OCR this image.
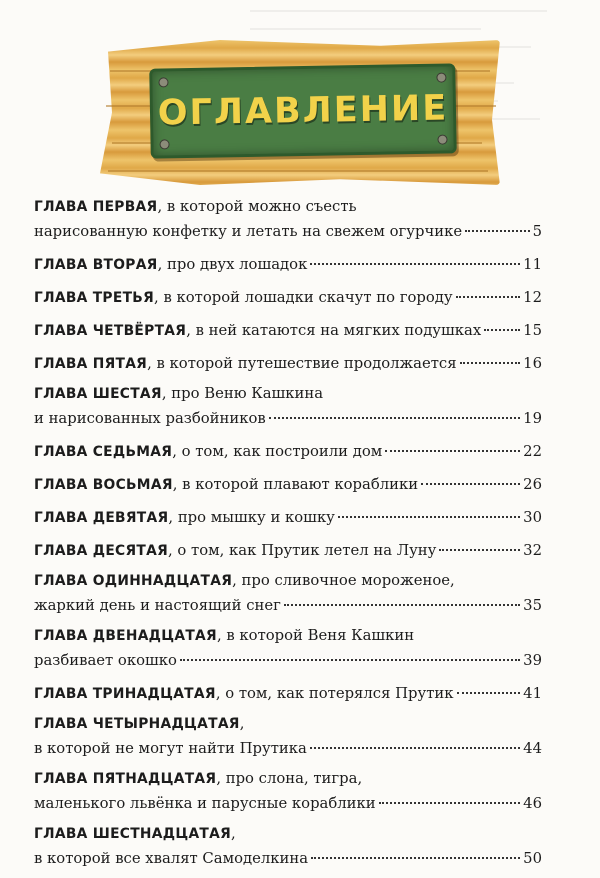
ОГЛАВЛЕНИЕ
ГЛАВА ПЕРВАЯ , в которой можно съесть
нарисованную конфетку и летать на свежем огурчике	5
ГЛАВА ВТОРАЯ , про двух лошадок	11
ГЛАВА ТРЕТЬЯ , в которой лошадки скачут по городу	12
ГЛАВА ЧЕТВЁРТАЯ , в ней катаются на мягких подушках	15
ГЛАВА ПЯТАЯ , в которой путешествие продолжается	16
ГЛАВА ШЕСТАЯ , про Веню Кашкина
и нарисованных разбойников	19
ГЛАВА СЕДЬМАЯ , о том, как построили дом	22
ГЛАВА ВОСЬМАЯ , в которой плавают кораблики	26
ГЛАВА ДЕВЯТАЯ , про мышку и кошку	30
ГЛАВА ДЕСЯТАЯ , о том, как Прутик летел на Луну	32
ГЛАВА ОДИННАДЦАТАЯ , про сливочное мороженое,
жаркий день и настоящий снег	35
ГЛАВА ДВЕНАДЦАТАЯ , в которой Веня Кашкин
разбивает окошко	39
ГЛАВА ТРИНАДЦАТАЯ , о том, как потерялся Прутик	41
ГЛАВА ЧЕТЫРНАДЦАТАЯ ,
в которой не могут найти Прутика	44
ГЛАВА ПЯТНАДЦАТАЯ , про слона, тигра,
маленького львёнка и парусные кораблики	46
ГЛАВА ШЕСТНАДЦАТАЯ ,
в которой все хвалят Самоделкина	50
